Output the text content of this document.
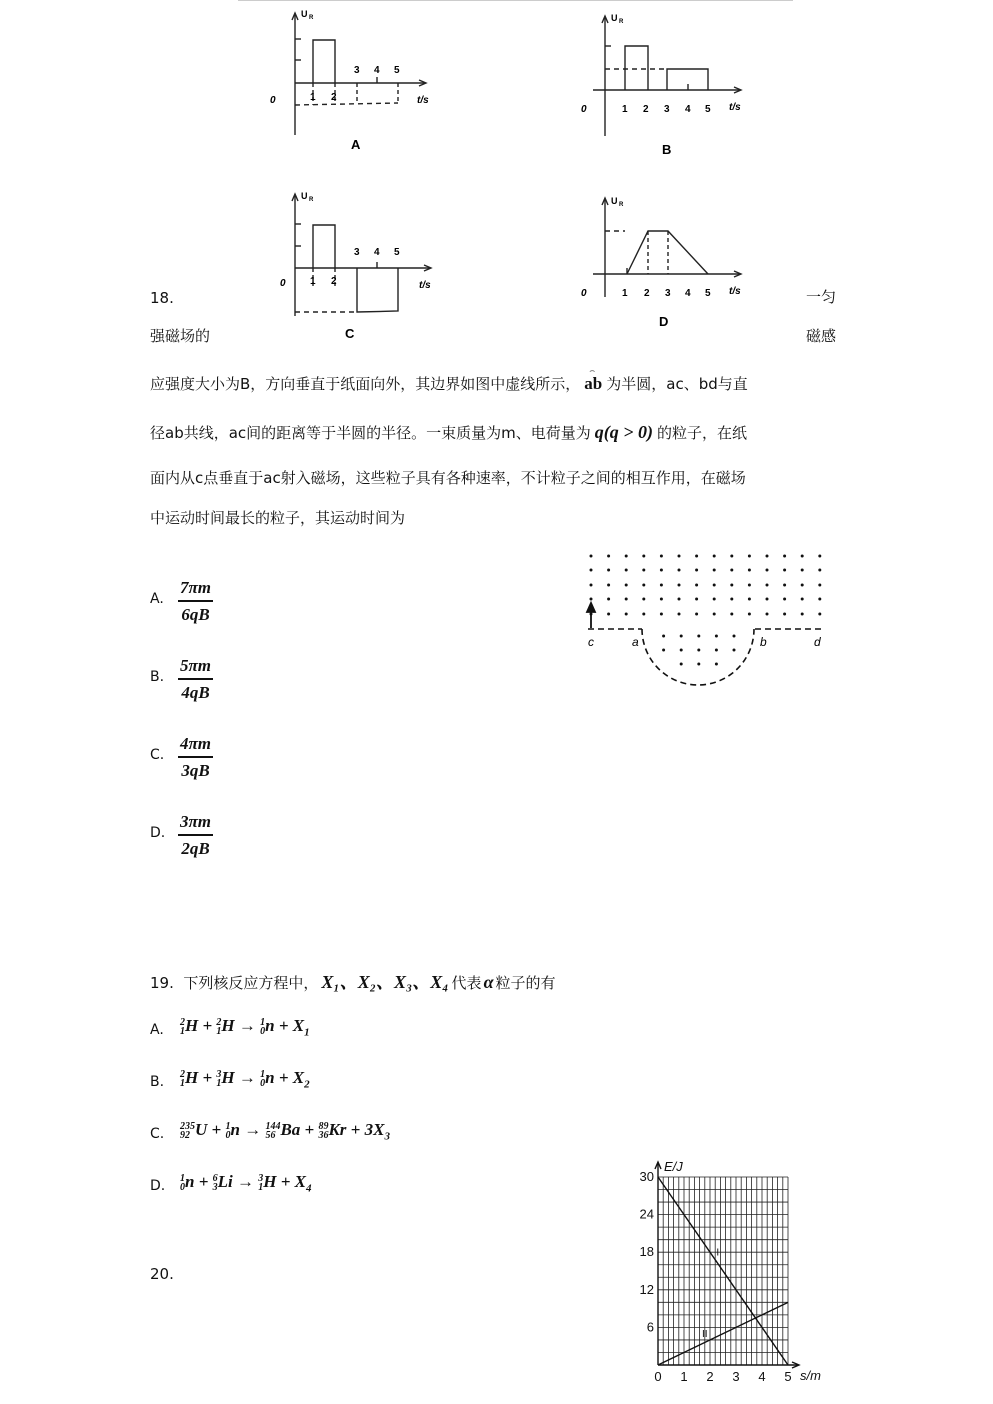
U R
0	1 2
3 4 5
t/s
A
U R
0	1 2 3 4 5 t/s
B
U R
0 1 2
3 4 5
t/s
C
U R
0	1 2 3 4 5 t/s
D
18.	一匀
强磁场的	磁感
应强度大小为B，方向垂直于纸面向外，其边界如图中虚线所示，
⌢
ab 为半圆，ac、bd与直
径ab共线，ac间的距离等于半圆的半径。一束质量为m、电荷量为 q(q > 0) 的粒子，在纸
面内从c点垂直于ac射入磁场，这些粒子具有各种速率，不计粒子之间的相互作用，在磁场
中运动时间最长的粒子，其运动时间为
A.
7πm
6qB
B.
5πm
4qB
C.
4πm
3qB
D.
3πm
2qB
c	a	b	d
19. 下列核反应方程中， X₁、X₂、X₃、X₄ 代表 α 粒子的有
A. 2
1 H + 2
1 H → 1
0 $n + X_1$
B. 2
1 H + 3
1 H → 1
0 $n + X_2$
C. 235
92 U + 1
0 n → 144
56 Ba + 89
36 $Kr + 3X_3$
D. 1
0 n + 6
3 Li → 3
1 $H + X_4$
20.
0 1 2 3 4 5
6
12
18
24
30
E/J
s/m
I
II
